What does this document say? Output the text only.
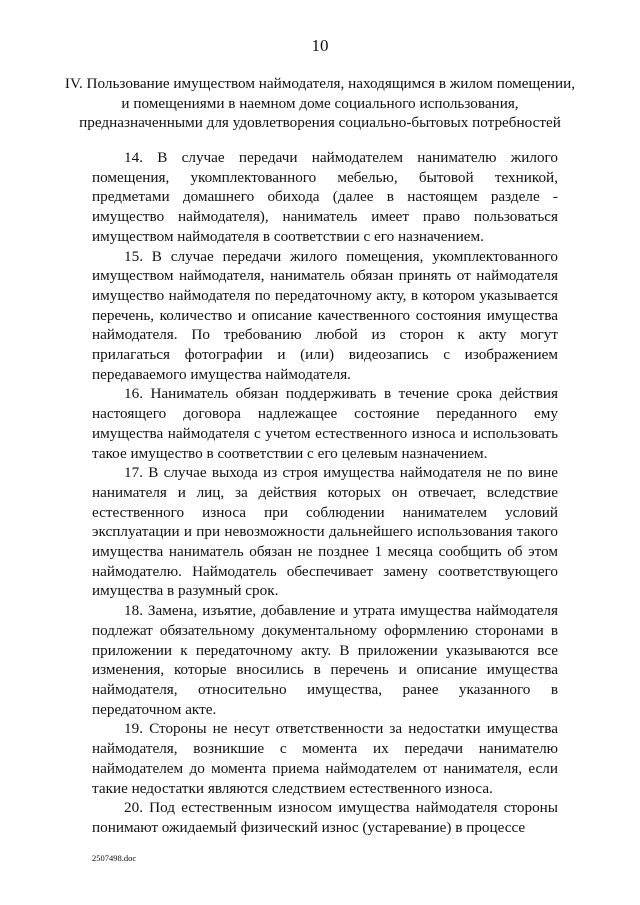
10
IV. Пользование имуществом наймодателя, находящимся в жилом помещении, и помещениями в наемном доме социального использования, предназначенными для удовлетворения социально-бытовых потребностей

14. В случае передачи наймодателем нанимателю жилого помещения, укомплектованного мебелью, бытовой техникой, предметами домашнего обихода (далее в настоящем разделе - имущество наймодателя), наниматель имеет право пользоваться имуществом наймодателя в соответствии с его назначением.

15. В случае передачи жилого помещения, укомплектованного имуществом наймодателя, наниматель обязан принять от наймодателя имущество наймодателя по передаточному акту, в котором указывается перечень, количество и описание качественного состояния имущества наймодателя. По требованию любой из сторон к акту могут прилагаться фотографии и (или) видеозапись с изображением передаваемого имущества наймодателя.

16. Наниматель обязан поддерживать в течение срока действия настоящего договора надлежащее состояние переданного ему имущества наймодателя с учетом естественного износа и использовать такое имущество в соответствии с его целевым назначением.

17. В случае выхода из строя имущества наймодателя не по вине нанимателя и лиц, за действия которых он отвечает, вследствие естественного износа при соблюдении нанимателем условий эксплуатации и при невозможности дальнейшего использования такого имущества наниматель обязан не позднее 1 месяца сообщить об этом наймодателю. Наймодатель обеспечивает замену соответствующего имущества в разумный срок.

18. Замена, изъятие, добавление и утрата имущества наймодателя подлежат обязательному документальному оформлению сторонами в приложении к передаточному акту. В приложении указываются все изменения, которые вносились в перечень и описание имущества наймодателя, относительно имущества, ранее указанного в передаточном акте.

19. Стороны не несут ответственности за недостатки имущества наймодателя, возникшие с момента их передачи нанимателю наймодателем до момента приема наймодателем от нанимателя, если такие недостатки являются следствием естественного износа.

20. Под естественным износом имущества наймодателя стороны понимают ожидаемый физический износ (устаревание) в процессе

2507498.doc
